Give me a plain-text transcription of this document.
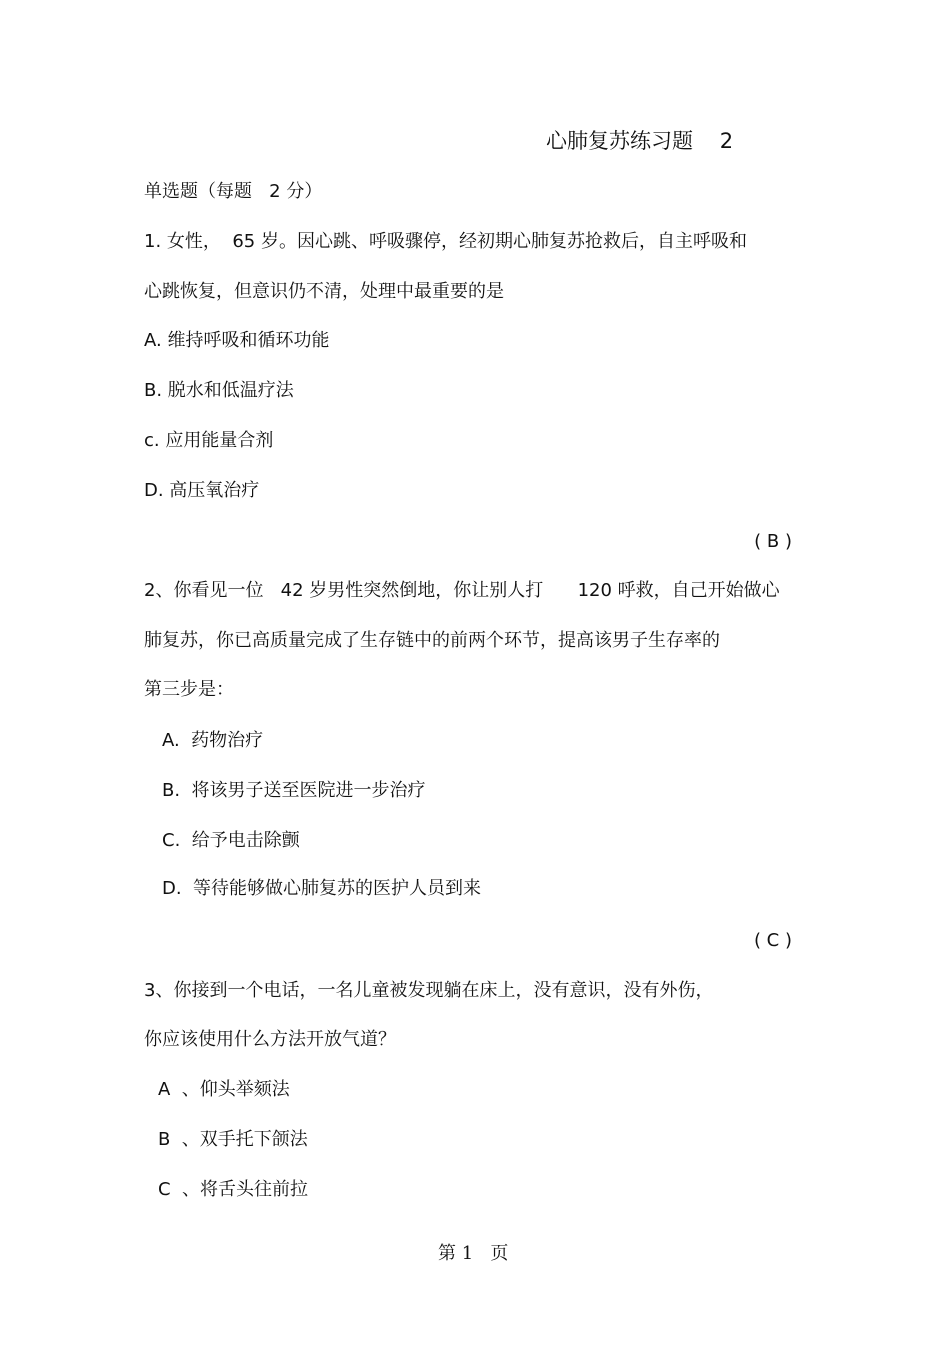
心肺复苏练习题    2
单选题（每题   2 分）
1. 女性，  65 岁。因心跳、呼吸骤停，经初期心肺复苏抢救后，自主呼吸和
心跳恢复，但意识仍不清，处理中最重要的是
A. 维持呼吸和循环功能
B. 脱水和低温疗法
c. 应用能量合剂
D. 高压氧治疗
( B )
2、你看见一位   42 岁男性突然倒地，你让别人打      120 呼救，自己开始做心
肺复苏，你已高质量完成了生存链中的前两个环节，提高该男子生存率的
第三步是：
A.  药物治疗
B.  将该男子送至医院进一步治疗
C.  给予电击除颤
D.  等待能够做心肺复苏的医护人员到来
( C )
3、你接到一个电话，一名儿童被发现躺在床上，没有意识，没有外伤，
你应该使用什么方法开放气道？
A  、仰头举颏法
B  、双手托下颌法
C  、将舌头往前拉
第 1   页
